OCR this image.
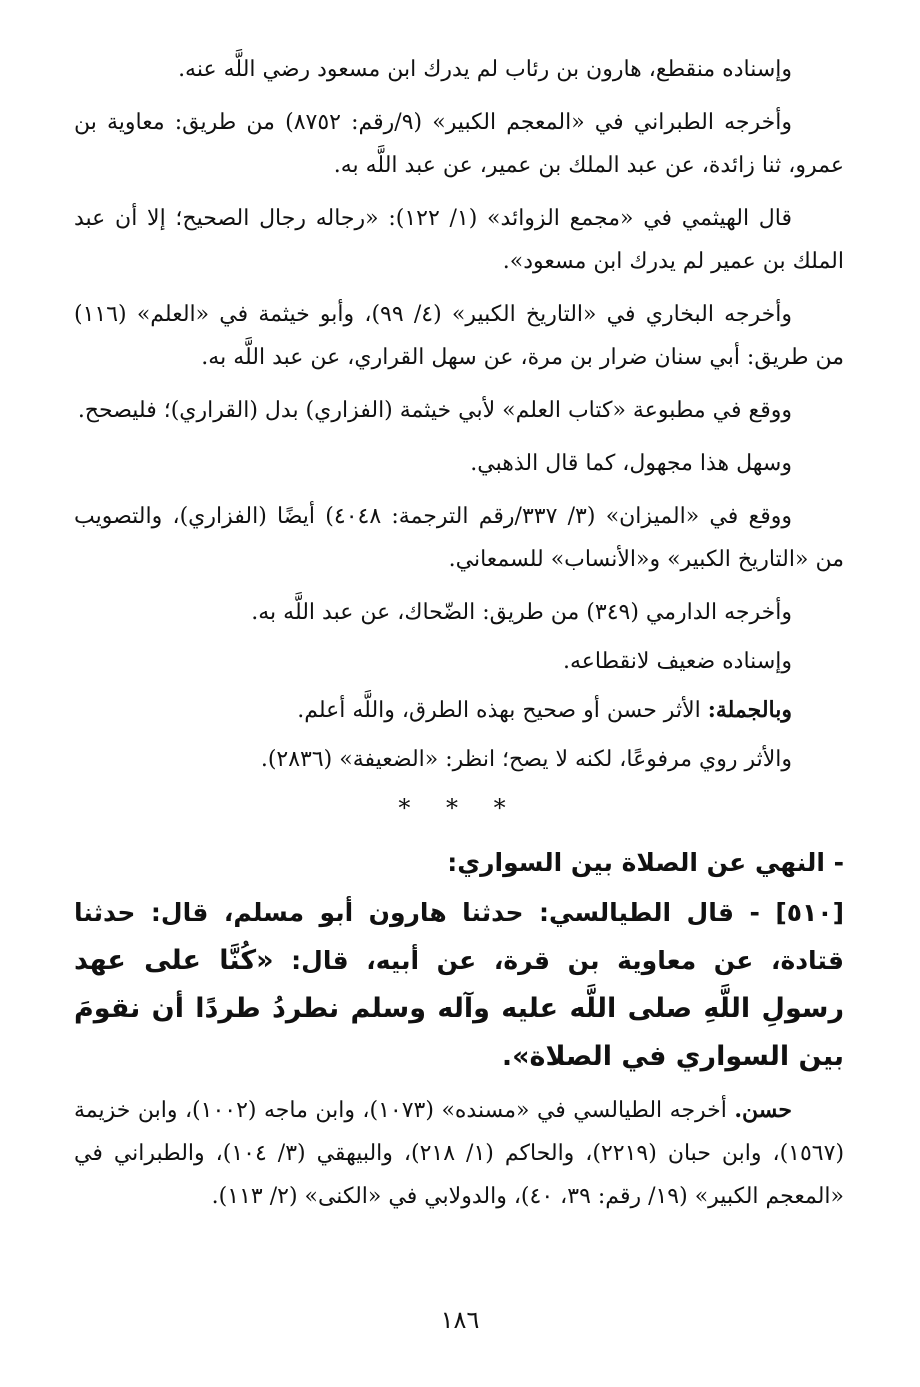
وإسناده منقطع، هارون بن رئاب لم يدرك ابن مسعود رضي اللَّه عنه.

وأخرجه الطبراني في «المعجم الكبير» (٩/رقم: ٨٧٥٢) من طريق: معاوية بن عمرو، ثنا زائدة، عن عبد الملك بن عمير، عن عبد اللَّه به.

قال الهيثمي في «مجمع الزوائد» (١/ ١٢٢): «رجاله رجال الصحيح؛ إلا أن عبد الملك بن عمير لم يدرك ابن مسعود».

وأخرجه البخاري في «التاريخ الكبير» (٤/ ٩٩)، وأبو خيثمة في «العلم» (١١٦) من طريق: أبي سنان ضرار بن مرة، عن سهل القراري، عن عبد اللَّه به.

ووقع في مطبوعة «كتاب العلم» لأبي خيثمة (الفزاري) بدل (القراري)؛ فليصحح.

وسهل هذا مجهول، كما قال الذهبي.

ووقع في «الميزان» (٣/ ٣٣٧/رقم الترجمة: ٤٠٤٨) أيضًا (الفزاري)، والتصويب من «التاريخ الكبير» و«الأنساب» للسمعاني.

وأخرجه الدارمي (٣٤٩) من طريق: الضّحاك، عن عبد اللَّه به.

وإسناده ضعيف لانقطاعه.

وبالجملة: الأثر حسن أو صحيح بهذه الطرق، واللَّه أعلم.

والأثر روي مرفوعًا، لكنه لا يصح؛ انظر: «الضعيفة» (٢٨٣٦).

* * *
- النهي عن الصلاة بين السواري:

[٥١٠] - قال الطيالسي: حدثنا هارون أبو مسلم، قال: حدثنا قتادة، عن معاوية بن قرة، عن أبيه، قال: «كُنَّا على عهد رسولِ اللَّهِ صلى اللَّه عليه وآله وسلم نطردُ طردًا أن نقومَ بين السواري في الصلاة».

حسن. أخرجه الطيالسي في «مسنده» (١٠٧٣)، وابن ماجه (١٠٠٢)، وابن خزيمة (١٥٦٧)، وابن حبان (٢٢١٩)، والحاكم (١/ ٢١٨)، والبيهقي (٣/ ١٠٤)، والطبراني في «المعجم الكبير» (١٩/ رقم: ٣٩، ٤٠)، والدولابي في «الكنى» (٢/ ١١٣).

١٨٦
